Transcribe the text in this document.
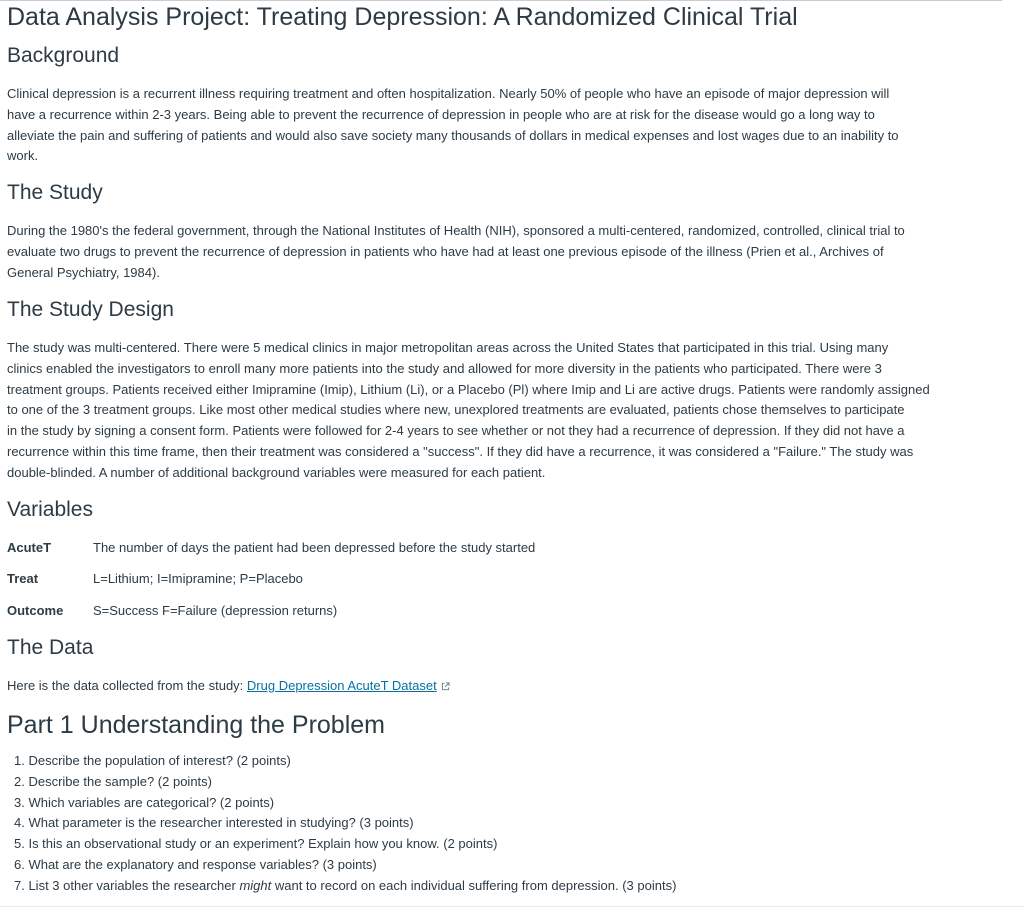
Data Analysis Project: Treating Depression: A Randomized Clinical Trial
Background

Clinical depression is a recurrent illness requiring treatment and often hospitalization. Nearly 50% of people who have an episode of major depression will
have a recurrence within 2-3 years. Being able to prevent the recurrence of depression in people who are at risk for the disease would go a long way to
alleviate the pain and suffering of patients and would also save society many thousands of dollars in medical expenses and lost wages due to an inability to
work.

The Study

During the 1980's the federal government, through the National Institutes of Health (NIH), sponsored a multi-centered, randomized, controlled, clinical trial to
evaluate two drugs to prevent the recurrence of depression in patients who have had at least one previous episode of the illness (Prien et al., Archives of
General Psychiatry, 1984).

The Study Design

The study was multi-centered. There were 5 medical clinics in major metropolitan areas across the United States that participated in this trial. Using many
clinics enabled the investigators to enroll many more patients into the study and allowed for more diversity in the patients who participated. There were 3
treatment groups. Patients received either Imipramine (Imip), Lithium (Li), or a Placebo (Pl) where Imip and Li are active drugs. Patients were randomly assigned
to one of the 3 treatment groups. Like most other medical studies where new, unexplored treatments are evaluated, patients chose themselves to participate
in the study by signing a consent form. Patients were followed for 2-4 years to see whether or not they had a recurrence of depression. If they did not have a
recurrence within this time frame, then their treatment was considered a "success". If they did have a recurrence, it was considered a "Failure." The study was
double-blinded. A number of additional background variables were measured for each patient.

Variables
AcuteT	The number of days the patient had been depressed before the study started
Treat	L=Lithium; I=Imipramine; P=Placebo
Outcome S=Success F=Failure (depression returns)
The Data
Here is the data collected from the study: Drug Depression AcuteT Dataset
Part 1 Understanding the Problem
1. Describe the population of interest? (2 points)
2. Describe the sample? (2 points)
3. Which variables are categorical? (2 points)
4. What parameter is the researcher interested in studying? (3 points)
5. Is this an observational study or an experiment? Explain how you know. (2 points)
6. What are the explanatory and response variables? (3 points)
7. List 3 other variables the researcher might want to record on each individual suffering from depression. (3 points)
